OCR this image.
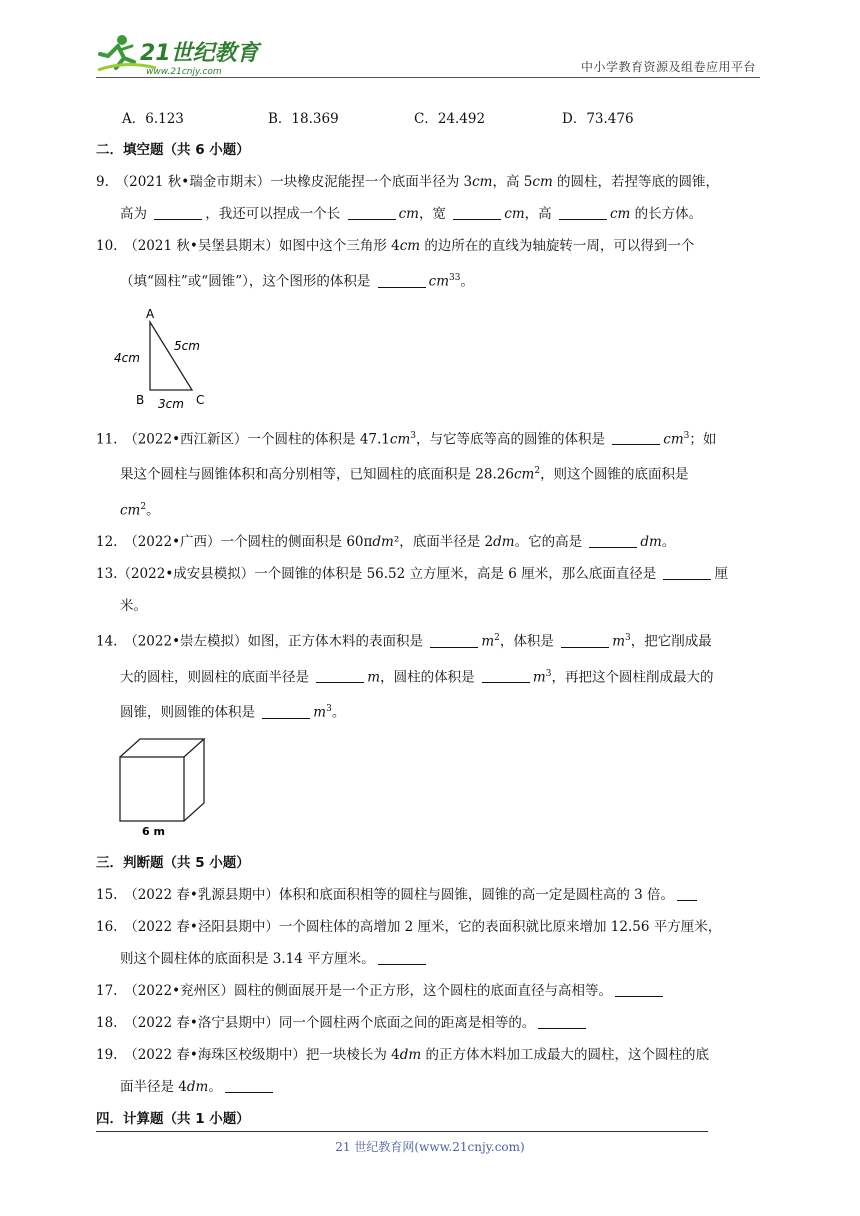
21世纪教育
www.21cnjy.com	中小学教育资源及组卷应用平台
A．6.123	B．18.369	C．24.492	D．73.476
二．填空题（共 6 小题）
9.　（2021 秋•瑞金市期末）一块橡皮泥能捏一个底面半径为 3cm，高 5cm 的圆柱，若捏等底的圆锥，
高为	，我还可以捏成一个长	cm，宽	cm，高	cm 的长方体。
10.　（2021 秋•吴堡县期末）如图中这个三角形 4cm 的边所在的直线为轴旋转一周，可以得到一个
（填“圆柱”或“圆锥”），这个图形的体积是	$cm^{33}$。
A
B	C
4cm
5cm
3cm
11.　（2022•西江新区）一个圆柱的体积是 $47.1cm^3$，与它等底等高的圆锥的体积是	$cm^3$；如
果这个圆柱与圆锥体积和高分别相等，已知圆柱的底面积是 $28.26cm^2$，则这个圆锥的底面积是
$cm^2$。
12.　（2022•广西）一个圆柱的侧面积是 60πdm²，底面半径是 2dm。它的高是	dm。
13.（2022•成安县模拟）一个圆锥的体积是 56.52 立方厘米，高是 6 厘米，那么底面直径是	厘
米。
14.　（2022•崇左模拟）如图，正方体木料的表面积是	$m^2$，体积是	$m^3$，把它削成最
大的圆柱，则圆柱的底面半径是	m，圆柱的体积是	$m^3$，再把这个圆柱削成最大的
圆锥，则圆锥的体积是	$m^3$。
6 m
三．判断题（共 5 小题）
15.　（2022 春•乳源县期中）体积和底面积相等的圆柱与圆锥，圆锥的高一定是圆柱高的 3 倍。
16.　（2022 春•泾阳县期中）一个圆柱体的高增加 2 厘米，它的表面积就比原来增加 12.56 平方厘米，
则这个圆柱体的底面积是 3.14 平方厘米。
17.　（2022•兖州区）圆柱的侧面展开是一个正方形，这个圆柱的底面直径与高相等。
18.　（2022 春•洛宁县期中）同一个圆柱两个底面之间的距离是相等的。
19.　（2022 春•海珠区校级期中）把一块棱长为 4dm 的正方体木料加工成最大的圆柱，这个圆柱的底
面半径是 4dm。
四．计算题（共 1 小题）
21 世纪教育网(www.21cnjy.com)
